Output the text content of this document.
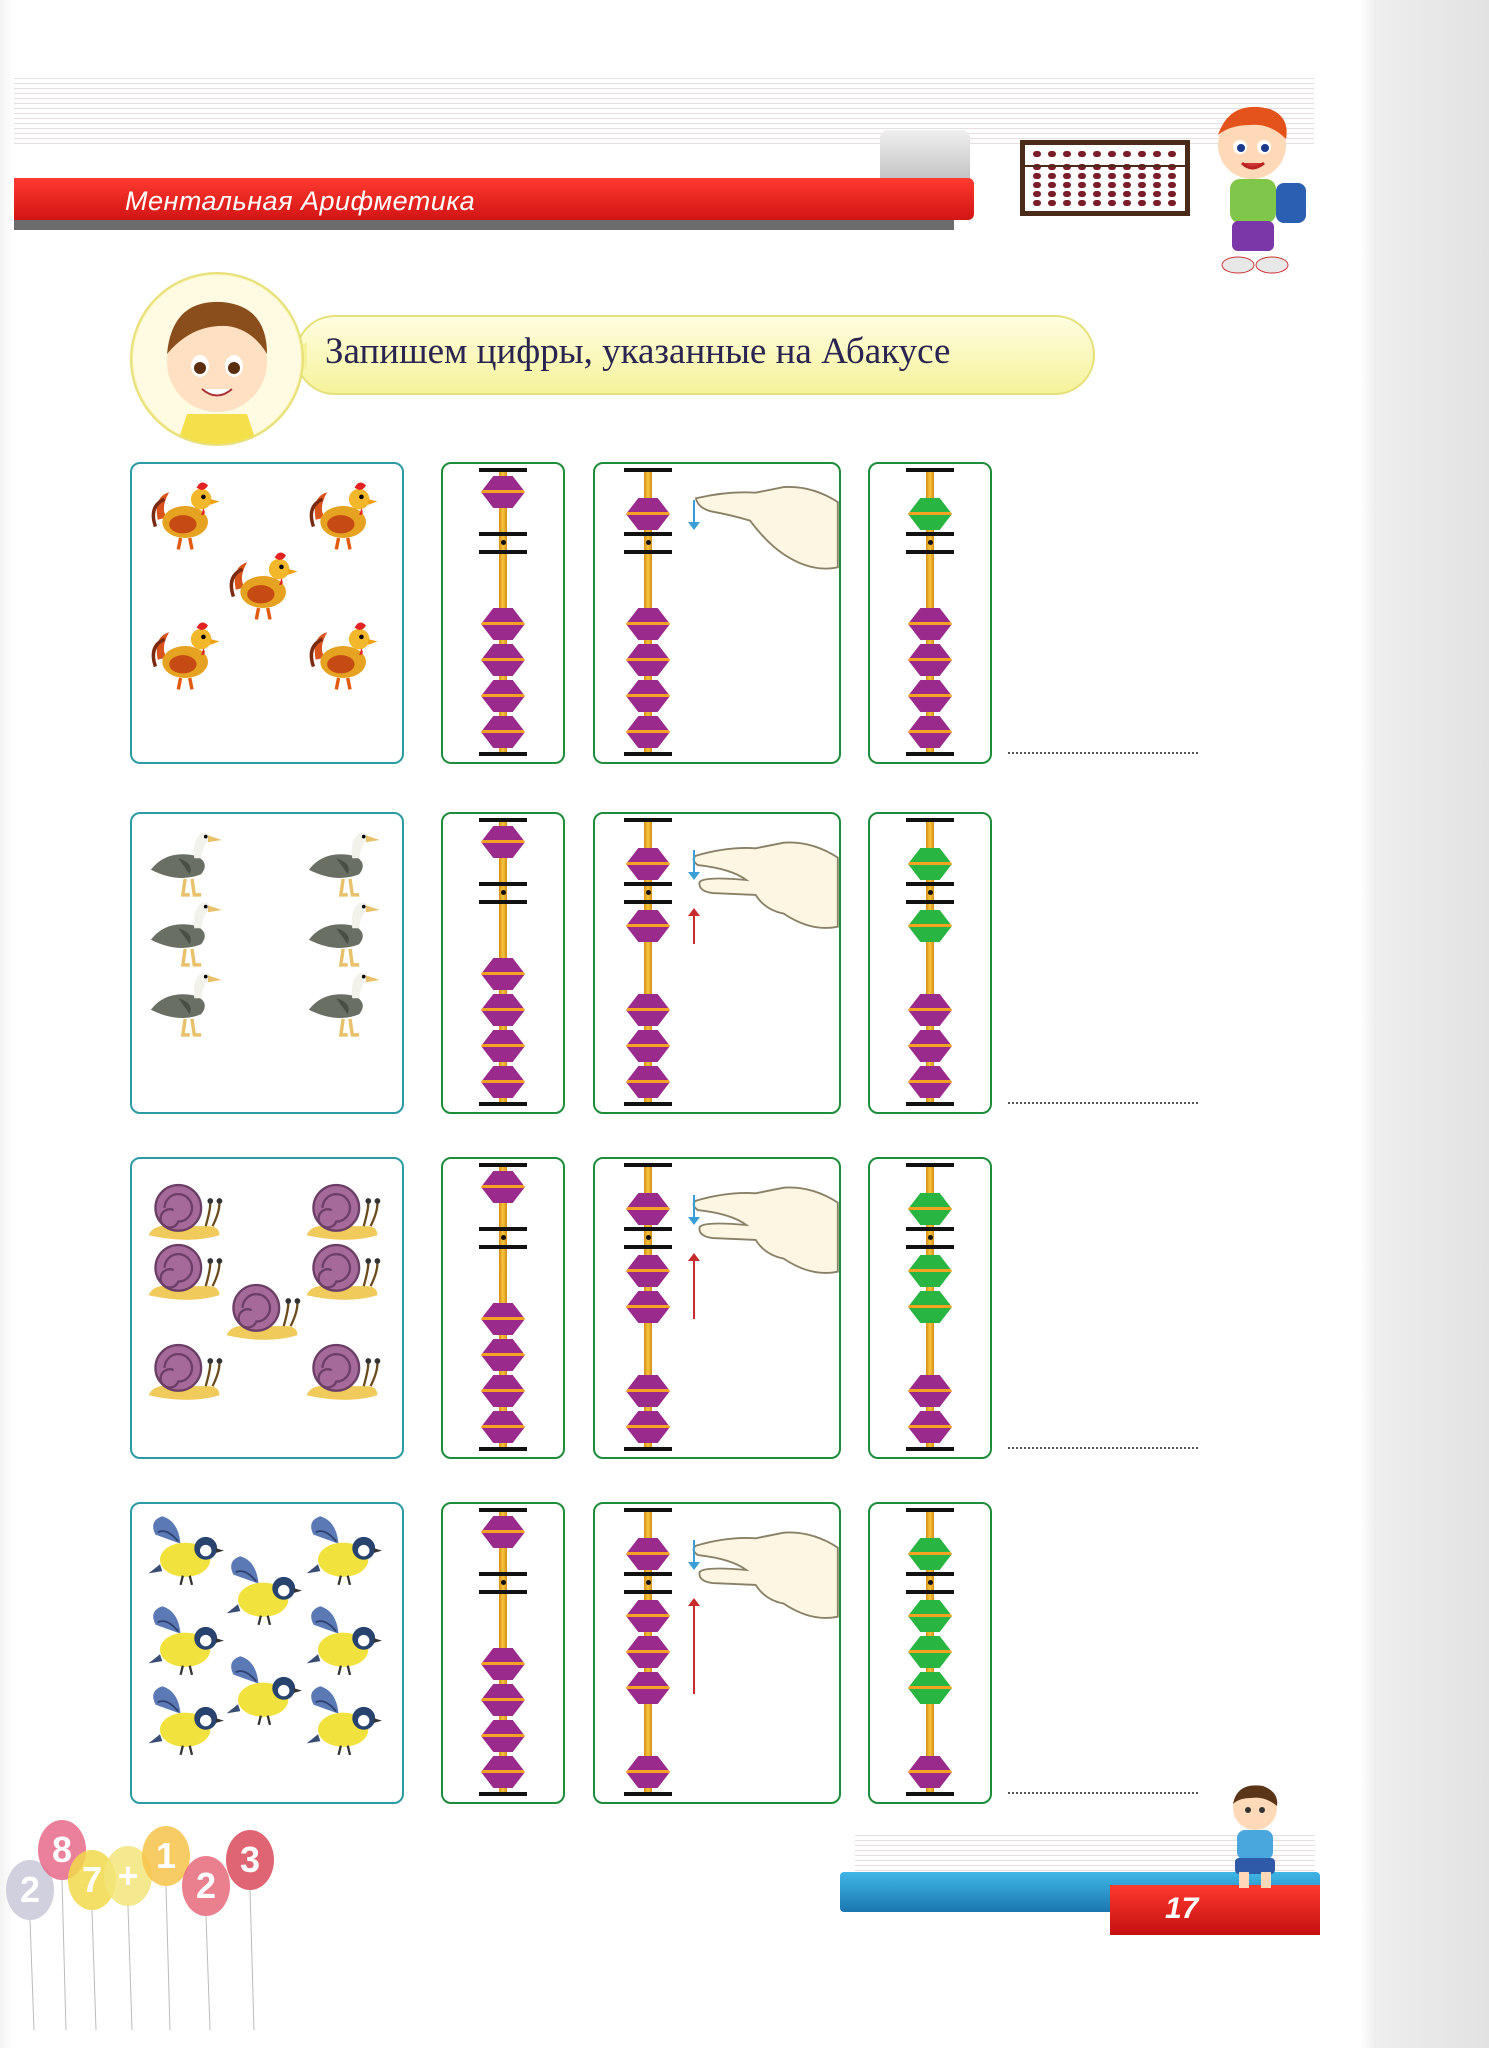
Ментальная Арифметика
Запишем цифры, указанные на Абакусе
17
2
8
7 + 1
2
3
